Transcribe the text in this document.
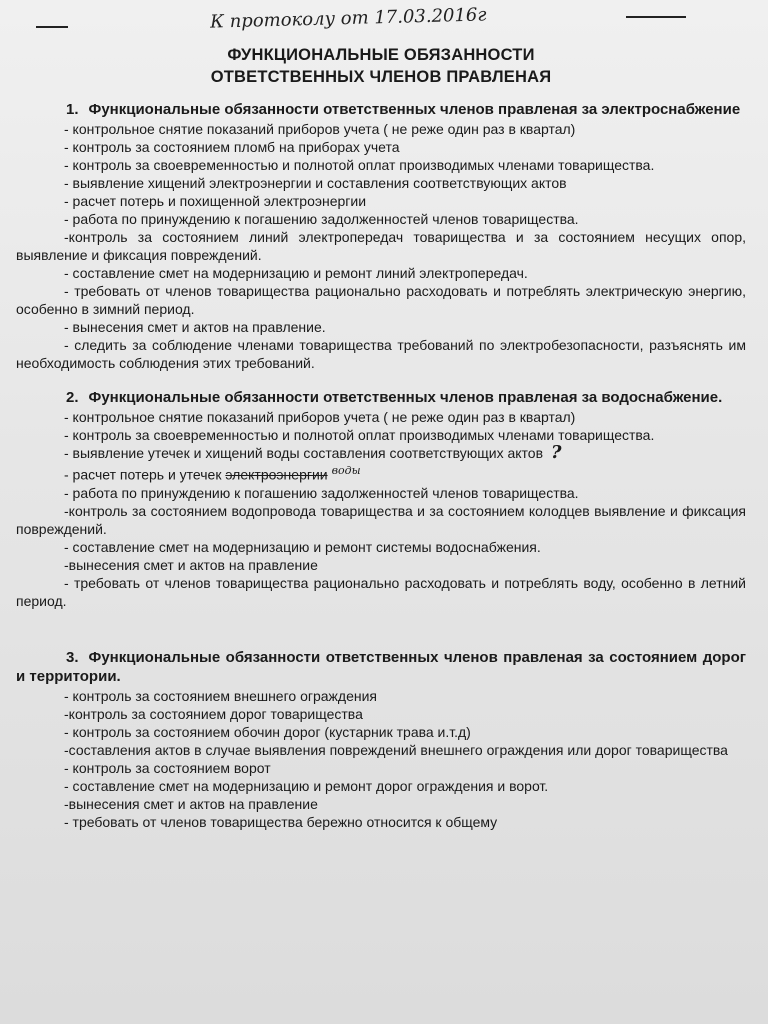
К протоколу от 17.03.2016г
ФУНКЦИОНАЛЬНЫЕ ОБЯЗАННОСТИ
ОТВЕТСТВЕННЫХ ЧЛЕНОВ ПРАВЛЕНАЯ
1. Функциональные обязанности ответственных членов правленая за электроснабжение
- контрольное снятие показаний приборов учета ( не реже один раз в квартал)
- контроль за состоянием пломб на приборах учета
- контроль за своевременностью и полнотой оплат производимых членами товарищества.
- выявление хищений электроэнергии и составления соответствующих актов
- расчет потерь и похищенной электроэнергии
- работа по принуждению к погашению задолженностей членов товарищества.
-контроль за состоянием линий электропередач товарищества и за состоянием несущих опор, выявление и фиксация повреждений.
- составление смет на модернизацию и ремонт линий электропередач.
- требовать от членов товарищества рационально расходовать и потреблять электрическую энергию, особенно в зимний период.
- вынесения смет и актов на правление.
- следить за соблюдение членами товарищества требований по электробезопасности, разъяснять им необходимость соблюдения этих требований.
2. Функциональные обязанности ответственных членов правленая за водоснабжение.
- контрольное снятие показаний приборов учета ( не реже один раз в квартал)
- контроль за своевременностью и полнотой оплат производимых членами товарищества.
- выявление утечек и хищений воды составления соответствующих актов ?
- расчет потерь и утечек электроэнергии $^{воды}$
- работа по принуждению к погашению задолженностей членов товарищества.
-контроль за состоянием водопровода товарищества и за состоянием колодцев выявление и фиксация повреждений.
- составление смет на модернизацию и ремонт системы водоснабжения.
-вынесения смет и актов на правление
- требовать от членов товарищества рационально расходовать и потреблять воду, особенно в летний период.
3. Функциональные обязанности ответственных членов правленая за состоянием дорог и территории.
- контроль за состоянием внешнего ограждения
-контроль за состоянием дорог товарищества
- контроль за состоянием обочин дорог (кустарник трава и.т.д)
-составления актов в случае выявления повреждений внешнего ограждения или дорог товарищества
- контроль за состоянием ворот
- составление смет на модернизацию и ремонт дорог ограждения и ворот.
-вынесения смет и актов на правление
- требовать от членов товарищества бережно относится к общему
